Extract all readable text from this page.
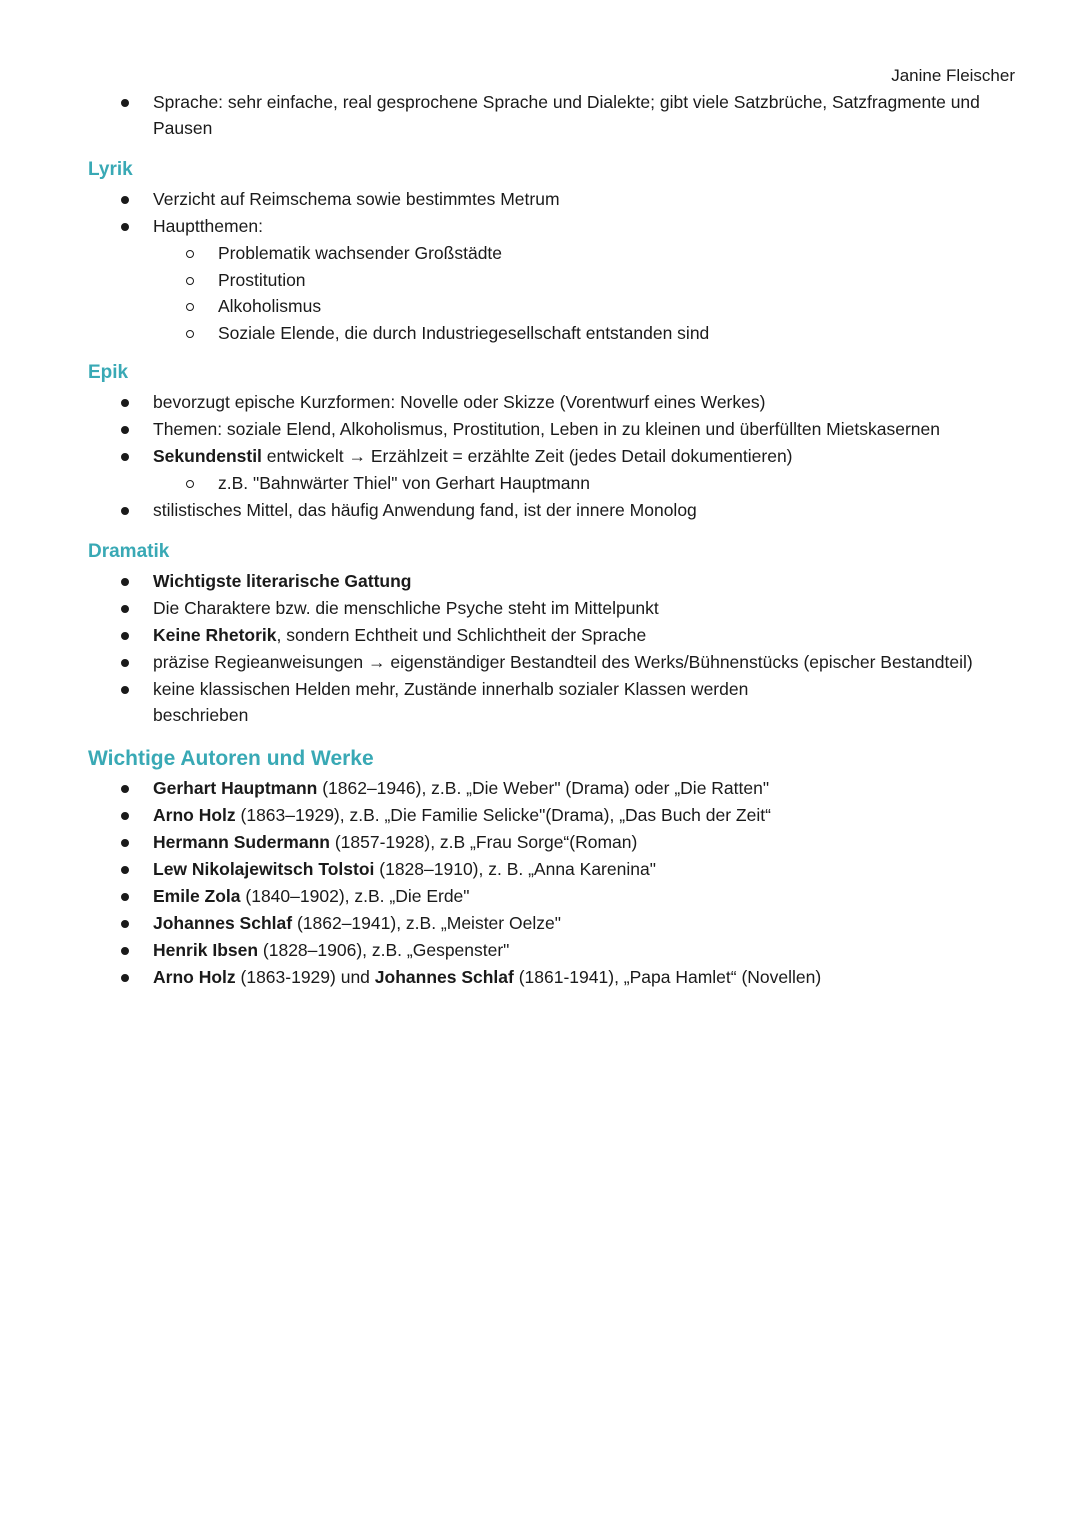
Janine Fleischer
Sprache: sehr einfache, real gesprochene Sprache und Dialekte; gibt viele Satzbrüche, Satzfragmente und Pausen
Lyrik
Verzicht auf Reimschema sowie bestimmtes Metrum
Hauptthemen:
Problematik wachsender Großstädte
Prostitution
Alkoholismus
Soziale Elende, die durch Industriegesellschaft entstanden sind
Epik
bevorzugt epische Kurzformen: Novelle oder Skizze (Vorentwurf eines Werkes)
Themen: soziale Elend, Alkoholismus, Prostitution, Leben in zu kleinen und überfüllten Mietskasernen
Sekundenstil entwickelt → Erzählzeit = erzählte Zeit (jedes Detail dokumentieren)
z.B. "Bahnwärter Thiel" von Gerhart Hauptmann
stilistisches Mittel, das häufig Anwendung fand, ist der innere Monolog
Dramatik
Wichtigste literarische Gattung
Die Charaktere bzw. die menschliche Psyche steht im Mittelpunkt
Keine Rhetorik, sondern Echtheit und Schlichtheit der Sprache
präzise Regieanweisungen → eigenständiger Bestandteil des Werks/Bühnenstücks (epischer Bestandteil)
keine klassischen Helden mehr, Zustände innerhalb sozialer Klassen werden
beschrieben
Wichtige Autoren und Werke
Gerhart Hauptmann (1862–1946), z.B. „Die Weber" (Drama) oder „Die Ratten"
Arno Holz (1863–1929), z.B. „Die Familie Selicke"(Drama), „Das Buch der Zeit“
Hermann Sudermann (1857-1928), z.B „Frau Sorge“(Roman)
Lew Nikolajewitsch Tolstoi (1828–1910), z. B. „Anna Karenina"
Emile Zola (1840–1902), z.B. „Die Erde"
Johannes Schlaf (1862–1941), z.B. „Meister Oelze"
Henrik Ibsen (1828–1906), z.B. „Gespenster"
Arno Holz (1863-1929) und Johannes Schlaf (1861-1941), „Papa Hamlet“ (Novellen)
